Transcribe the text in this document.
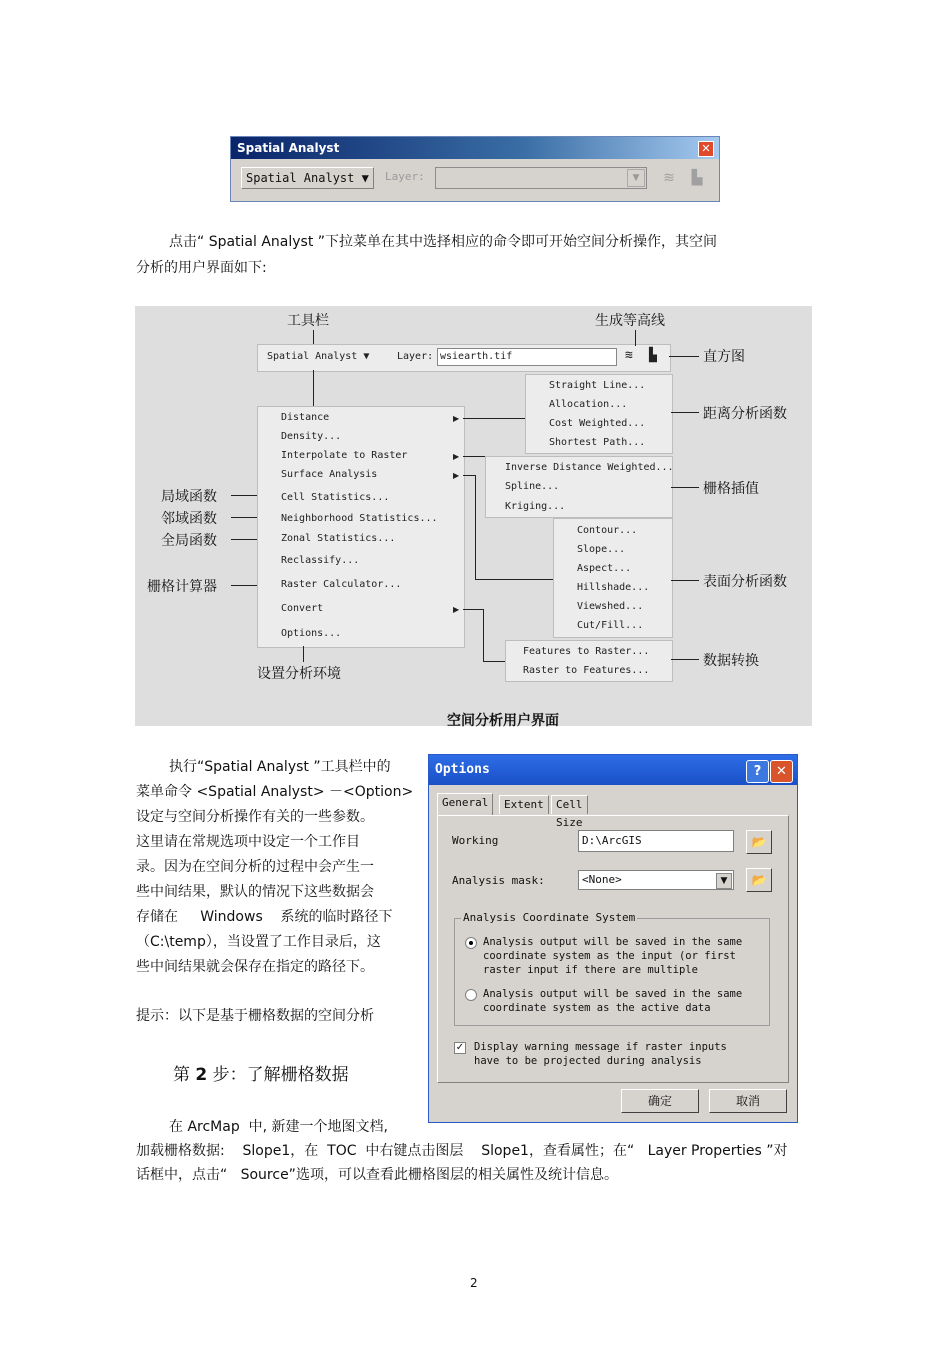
Spatial Analyst	✕
Spatial Analyst ▼	Layer:	▼	≋	▙
点击“ Spatial Analyst ”下拉菜单在其中选择相应的命令即可开始空间分析操作，其空间
分析的用户界面如下:
工具栏	生成等高线
直方图
距离分析函数
栅格插值
局域函数
邻域函数
全局函数
栅格计算器	表面分析函数
数据转换
设置分析环境
空间分析用户界面
Spatial Analyst ▼	Layer: wsiearth.tif	≋ ▙
Distance
Density...
Interpolate to Raster
Surface Analysis
Cell Statistics...
Neighborhood Statistics...
Zonal Statistics...
Reclassify...
Raster Calculator...
Convert
Options...
▶
▶
▶
▶
Straight Line...
Allocation...
Cost Weighted...
Shortest Path...
Inverse Distance Weighted...
Spline...
Kriging...
Contour...
Slope...
Aspect...
Hillshade...
Viewshed...
Cut/Fill...
Features to Raster...
Raster to Features...
执行“Spatial Analyst ”工具栏中的
菜单命令 <Spatial Analyst> －<Option>
设定与空间分析操作有关的一些参数。
这里请在常规选项中设定一个工作目
录。因为在空间分析的过程中会产生一
些中间结果，默认的情况下这些数据会
存储在     Windows    系统的临时路径下
（C:\temp），当设置了工作目录后，这
些中间结果就会保存在指定的路径下。
提示：以下是基于栅格数据的空间分析
第 2 步：了解栅格数据
Options	?	✕
General	Extent	Cell Size
Working	D:\ArcGIS	📂
Analysis mask:	<None>	▼	📂
Analysis Coordinate System
Analysis output will be saved in the same
coordinate system as the input (or first
raster input if there are multiple
Analysis output will be saved in the same
coordinate system as the active data
✓ Display warning message if raster inputs
have to be projected during analysis
确定	取消
在 ArcMap  中, 新建一个地图文档,
加载栅格数据:    Slope1，在  TOC  中右键点击图层    Slope1，查看属性；在“   Layer Properties ”对
话框中，点击“   Source”选项，可以查看此栅格图层的相关属性及统计信息。
2
